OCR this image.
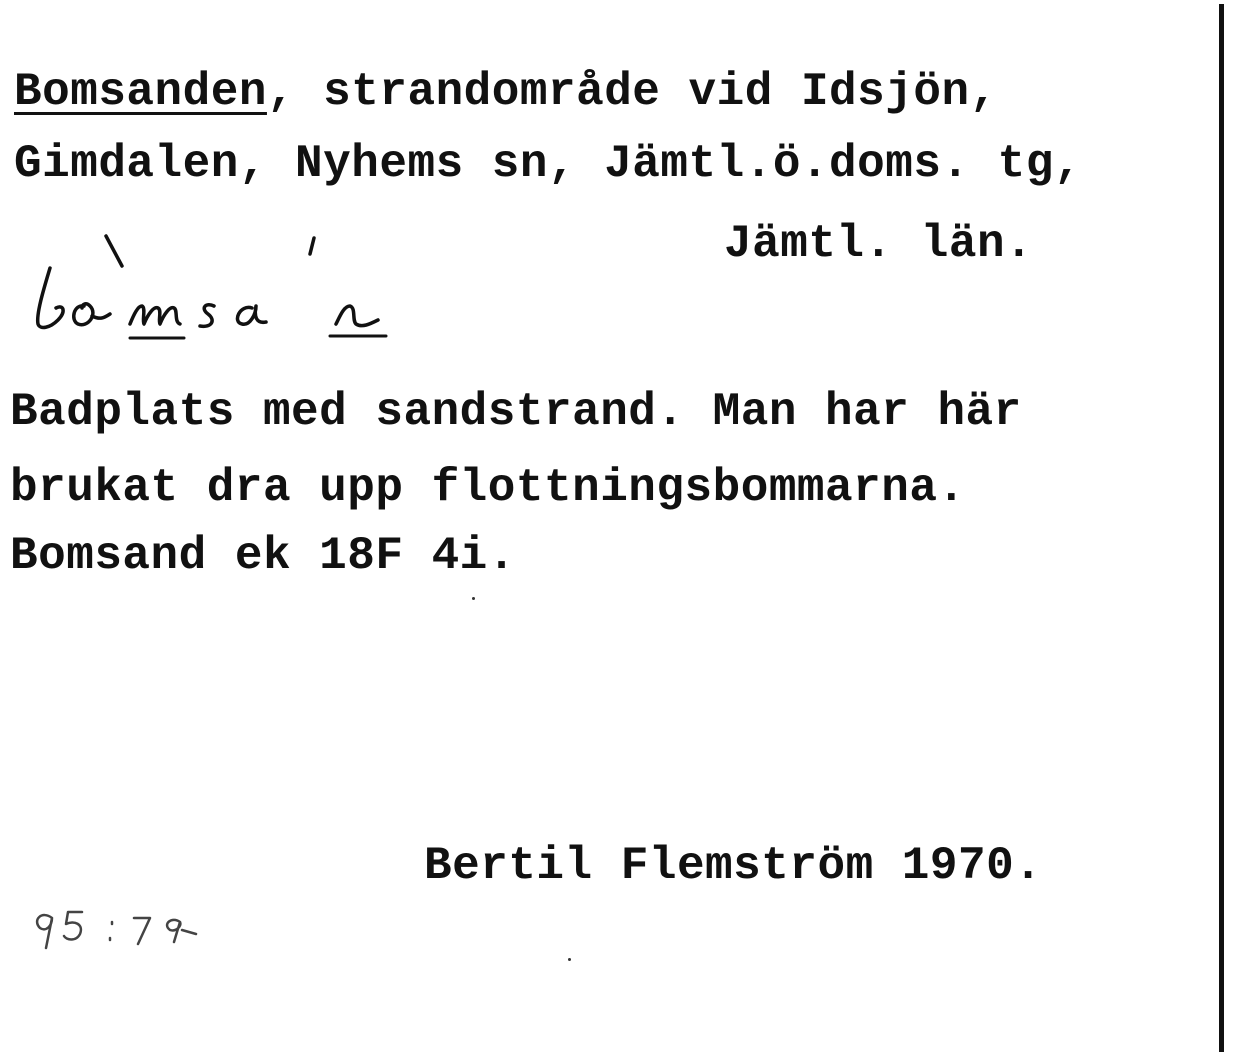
Bomsanden, strandområde vid Idsjön,
Gimdalen, Nyhems sn, Jämtl.ö.doms. tg,
Jämtl. län.
Badplats med sandstrand. Man har här
brukat dra upp flottningsbommarna.
Bomsand ek 18F 4i.
Bertil Flemström 1970.
